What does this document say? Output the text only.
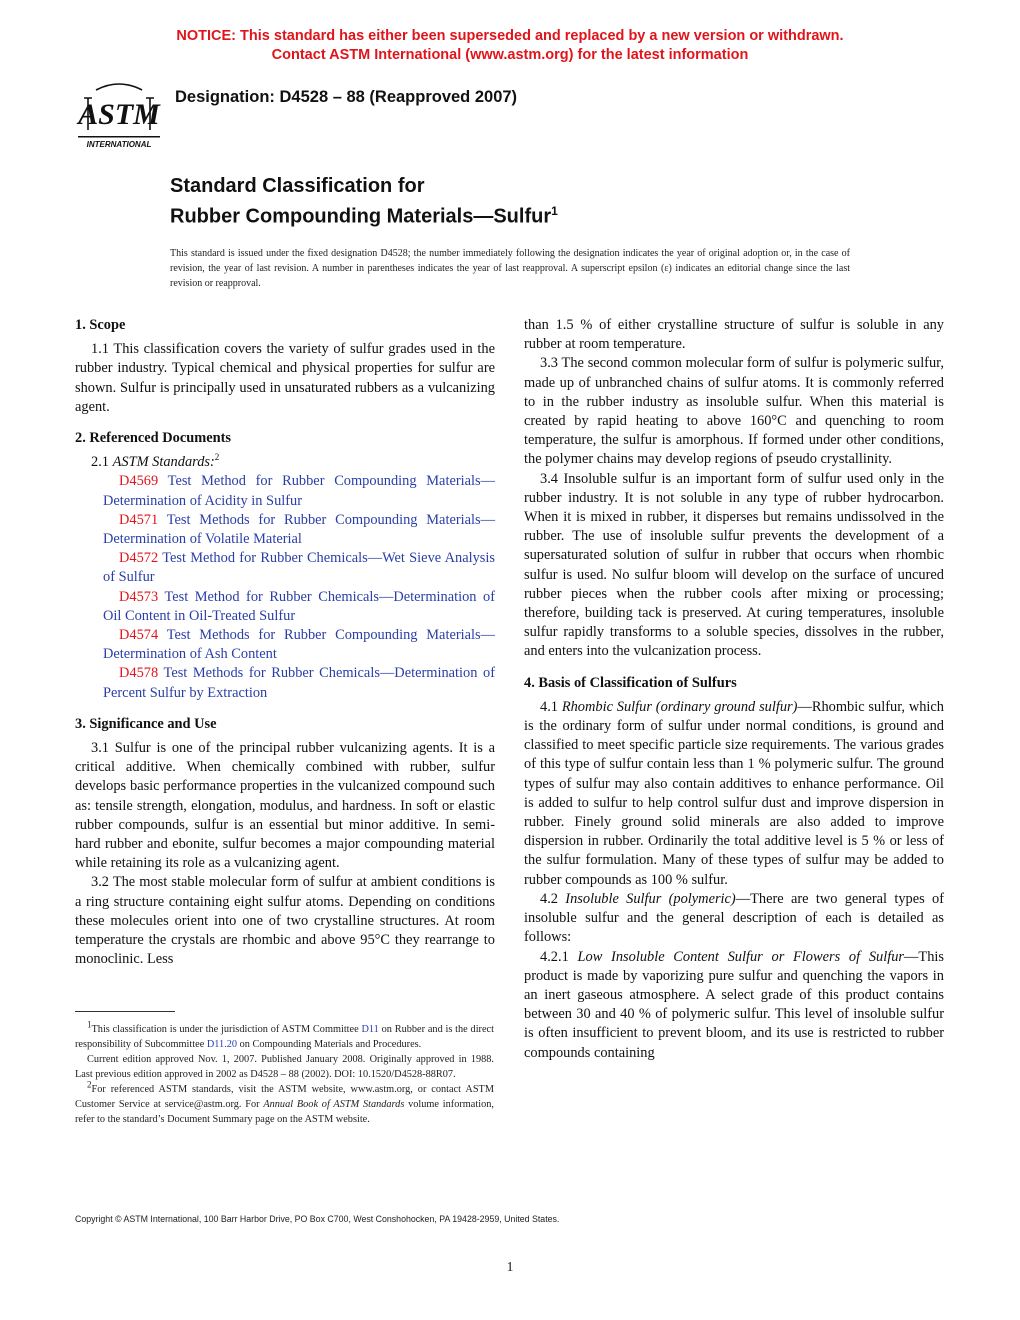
NOTICE: This standard has either been superseded and replaced by a new version or withdrawn.
Contact ASTM International (www.astm.org) for the latest information
ASTM
INTERNATIONAL
Designation: D4528 – 88 (Reapproved 2007)
Standard Classification for
Rubber Compounding Materials—Sulfur$^1$
This standard is issued under the fixed designation D4528; the number immediately following the designation indicates the year of original adoption or, in the case of revision, the year of last revision. A number in parentheses indicates the year of last reapproval. A superscript epsilon (ε) indicates an editorial change since the last revision or reapproval.
1. Scope

1.1 This classification covers the variety of sulfur grades used in the rubber industry. Typical chemical and physical properties for sulfur are shown. Sulfur is principally used in unsaturated rubbers as a vulcanizing agent.

2. Referenced Documents

2.1 ASTM Standards:$^2$

D4569 Test Method for Rubber Compounding Materials—Determination of Acidity in Sulfur

D4571 Test Methods for Rubber Compounding Materials—Determination of Volatile Material

D4572 Test Method for Rubber Chemicals—Wet Sieve Analysis of Sulfur

D4573 Test Method for Rubber Chemicals—Determination of Oil Content in Oil-Treated Sulfur

D4574 Test Methods for Rubber Compounding Materials—Determination of Ash Content

D4578 Test Methods for Rubber Chemicals—Determination of Percent Sulfur by Extraction

3. Significance and Use

3.1 Sulfur is one of the principal rubber vulcanizing agents. It is a critical additive. When chemically combined with rubber, sulfur develops basic performance properties in the vulcanized compound such as: tensile strength, elongation, modulus, and hardness. In soft or elastic rubber compounds, sulfur is an essential but minor additive. In semi-hard rubber and ebonite, sulfur becomes a major compounding material while retaining its role as a vulcanizing agent.

3.2 The most stable molecular form of sulfur at ambient conditions is a ring structure containing eight sulfur atoms. Depending on conditions these molecules orient into one of two crystalline structures. At room temperature the crystals are rhombic and above 95°C they rearrange to monoclinic. Less

than 1.5 % of either crystalline structure of sulfur is soluble in any rubber at room temperature.

3.3 The second common molecular form of sulfur is polymeric sulfur, made up of unbranched chains of sulfur atoms. It is commonly referred to in the rubber industry as insoluble sulfur. When this material is created by rapid heating to above 160°C and quenching to room temperature, the sulfur is amorphous. If formed under other conditions, the polymer chains may develop regions of pseudo crystallinity.

3.4 Insoluble sulfur is an important form of sulfur used only in the rubber industry. It is not soluble in any type of rubber hydrocarbon. When it is mixed in rubber, it disperses but remains undissolved in the rubber. The use of insoluble sulfur prevents the development of a supersaturated solution of sulfur in rubber that occurs when rhombic sulfur is used. No sulfur bloom will develop on the surface of uncured rubber pieces when the rubber cools after mixing or processing; therefore, building tack is preserved. At curing temperatures, insoluble sulfur rapidly transforms to a soluble species, dissolves in the rubber, and enters into the vulcanization process.

4. Basis of Classification of Sulfurs

4.1 Rhombic Sulfur (ordinary ground sulfur)—Rhombic sulfur, which is the ordinary form of sulfur under normal conditions, is ground and classified to meet specific particle size requirements. The various grades of this type of sulfur contain less than 1 % polymeric sulfur. The ground types of sulfur may also contain additives to enhance performance. Oil is added to sulfur to help control sulfur dust and improve dispersion in rubber. Finely ground solid minerals are also added to improve dispersion in rubber. Ordinarily the total additive level is 5 % or less of the sulfur formulation. Many of these types of sulfur may be added to rubber compounds as 100 % sulfur.

4.2 Insoluble Sulfur (polymeric)—There are two general types of insoluble sulfur and the general description of each is detailed as follows:

4.2.1 Low Insoluble Content Sulfur or Flowers of Sulfur—This product is made by vaporizing pure sulfur and quenching the vapors in an inert gaseous atmosphere. A select grade of this product contains between 30 and 40 % of polymeric sulfur. This level of insoluble sulfur is often insufficient to prevent bloom, and its use is restricted to rubber compounds containing

1This classification is under the jurisdiction of ASTM Committee D11 on Rubber and is the direct responsibility of Subcommittee D11.20 on Compounding Materials and Procedures.

Current edition approved Nov. 1, 2007. Published January 2008. Originally approved in 1988. Last previous edition approved in 2002 as D4528 – 88 (2002). DOI: 10.1520/D4528-88R07.

2For referenced ASTM standards, visit the ASTM website, www.astm.org, or contact ASTM Customer Service at service@astm.org. For Annual Book of ASTM Standards volume information, refer to the standard’s Document Summary page on the ASTM website.

Copyright © ASTM International, 100 Barr Harbor Drive, PO Box C700, West Conshohocken, PA 19428-2959, United States.
1
